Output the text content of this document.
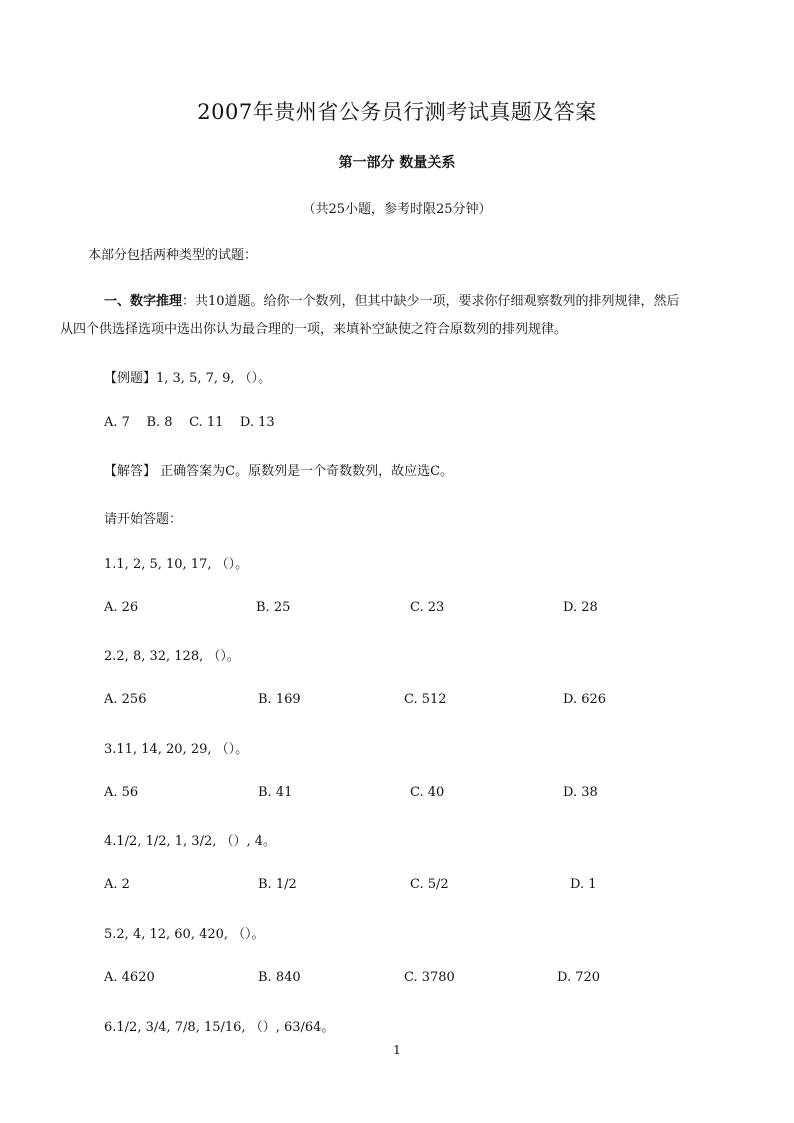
2007年贵州省公务员行测考试真题及答案
第一部分 数量关系
（共25小题，参考时限25分钟）
本部分包括两种类型的试题：
一、数字推理：共10道题。给你一个数列，但其中缺少一项，要求你仔细观察数列的排列规律，然后
从四个供选择选项中选出你认为最合理的一项，来填补空缺使之符合原数列的排列规律。
【例题】1, 3, 5, 7, 9, （）。
A. 7    B. 8    C. 11    D. 13
【解答】 正确答案为C。原数列是一个奇数数列，故应选C。
请开始答题：
1.1, 2, 5, 10, 17, （）。
A. 26	B. 25	C. 23	D. 28
2.2, 8, 32, 128, （）。
A. 256	B. 169	C. 512	D. 626
3.11, 14, 20, 29, （）。
A. 56	B. 41	C. 40	D. 38
4.1/2, 1/2, 1, 3/2, （）, 4。
A. 2	B. 1/2	C. 5/2	D. 1
5.2, 4, 12, 60, 420, （）。
A. 4620	B. 840	C. 3780	D. 720
6.1/2, 3/4, 7/8, 15/16, （）, 63/64。
1
